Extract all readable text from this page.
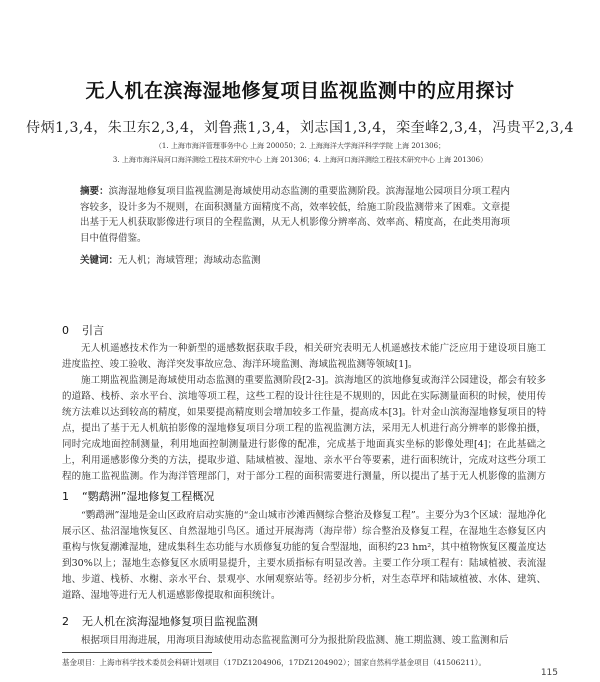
无人机在滨海湿地修复项目监视监测中的应用探讨
侍炳1,3,4，朱卫东2,3,4，刘鲁燕1,3,4，刘志国1,3,4，栾奎峰2,3,4，冯贵平2,3,4
（1. 上海市海洋管理事务中心 上海 200050；2. 上海海洋大学海洋科学学院 上海 201306；
3. 上海市海洋局河口海洋测绘工程技术研究中心 上海 201306；4. 上海河口海洋测绘工程技术研究中心 上海 201306）
摘要：滨海湿地修复项目监视监测是海域使用动态监测的重要监测阶段。滨海湿地公园项目分项工程内容较多，设计多为不规则，在面积测量方面精度不高，效率较低，给施工阶段监测带来了困难。文章提出基于无人机获取影像进行项目的全程监测，从无人机影像分辨率高、效率高、精度高，在此类用海项目中值得借鉴。
关键词：无人机；海域管理；海域动态监测
0 引言
无人机遥感技术作为一种新型的遥感数据获取手段，相关研究表明无人机遥感技术能广泛应用于建设项目施工进度监控、竣工验收、海洋突发事故应急、海洋环境监测、海域监视监测等领域[1]。
施工期监视监测是海域使用动态监测的重要监测阶段[2-3]。滨海地区的滨地修复或海洋公园建设，都会有较多的道路、栈桥、亲水平台、滨地等项工程，这些工程的设计往往是不规则的，因此在实际测量面积的时候，使用传统方法难以达到较高的精度，如果要提高精度则会增加较多工作量，提高成本[3]。针对金山滨海湿地修复项目的特点，提出了基于无人机航拍影像的湿地修复项目分项工程的监视监测方法，采用无人机进行高分辨率的影像拍摄，同时完成地面控制测量，利用地面控制测量进行影像的配准，完成基于地面真实坐标的影像处理[4]；在此基础之上，利用遥感影像分类的方法，提取步道、陆域植被、湿地、亲水平台等要素，进行面积统计，完成对这些分项工程的施工监视监测。作为海洋管理部门，对于部分工程的面积需要进行测量，所以提出了基于无人机影像的监测方
1 “鹦鹉洲”湿地修复工程概况
“鹦鹉洲”湿地是金山区政府启动实施的“金山城市沙滩西侧综合整治及修复工程”。主要分为3个区域：湿地净化展示区、盐沼湿地恢复区、自然湿地引鸟区。通过开展海湾（海岸带）综合整治及修复工程，在湿地生态修复区内重构与恢复潮滩湿地，建成集科生态功能与水质修复功能的复合型湿地，面积约23 hm²，其中植物恢复区覆盖度达到30%以上；湿地生态修复区水质明显提升，主要水质指标有明显改善。主要工作分项工程有：陆域植被、表流湿地、步道、栈桥、水榭、亲水平台、景观亭、水闸观察站等。经初步分析，对生态草坪和陆域植被、水体、建筑、道路、湿地等进行无人机遥感影像提取和面积统计。
2 无人机在滨海湿地修复项目监视监测
根据项目用海进展，用海项目海域使用动态监视监测可分为报批阶段监测、施工期监测、竣工监测和后
基金项目：上海市科学技术委员会科研计划项目（17DZ1204906，17DZ1204902）；国家自然科学基金项目（41506211）。
115
